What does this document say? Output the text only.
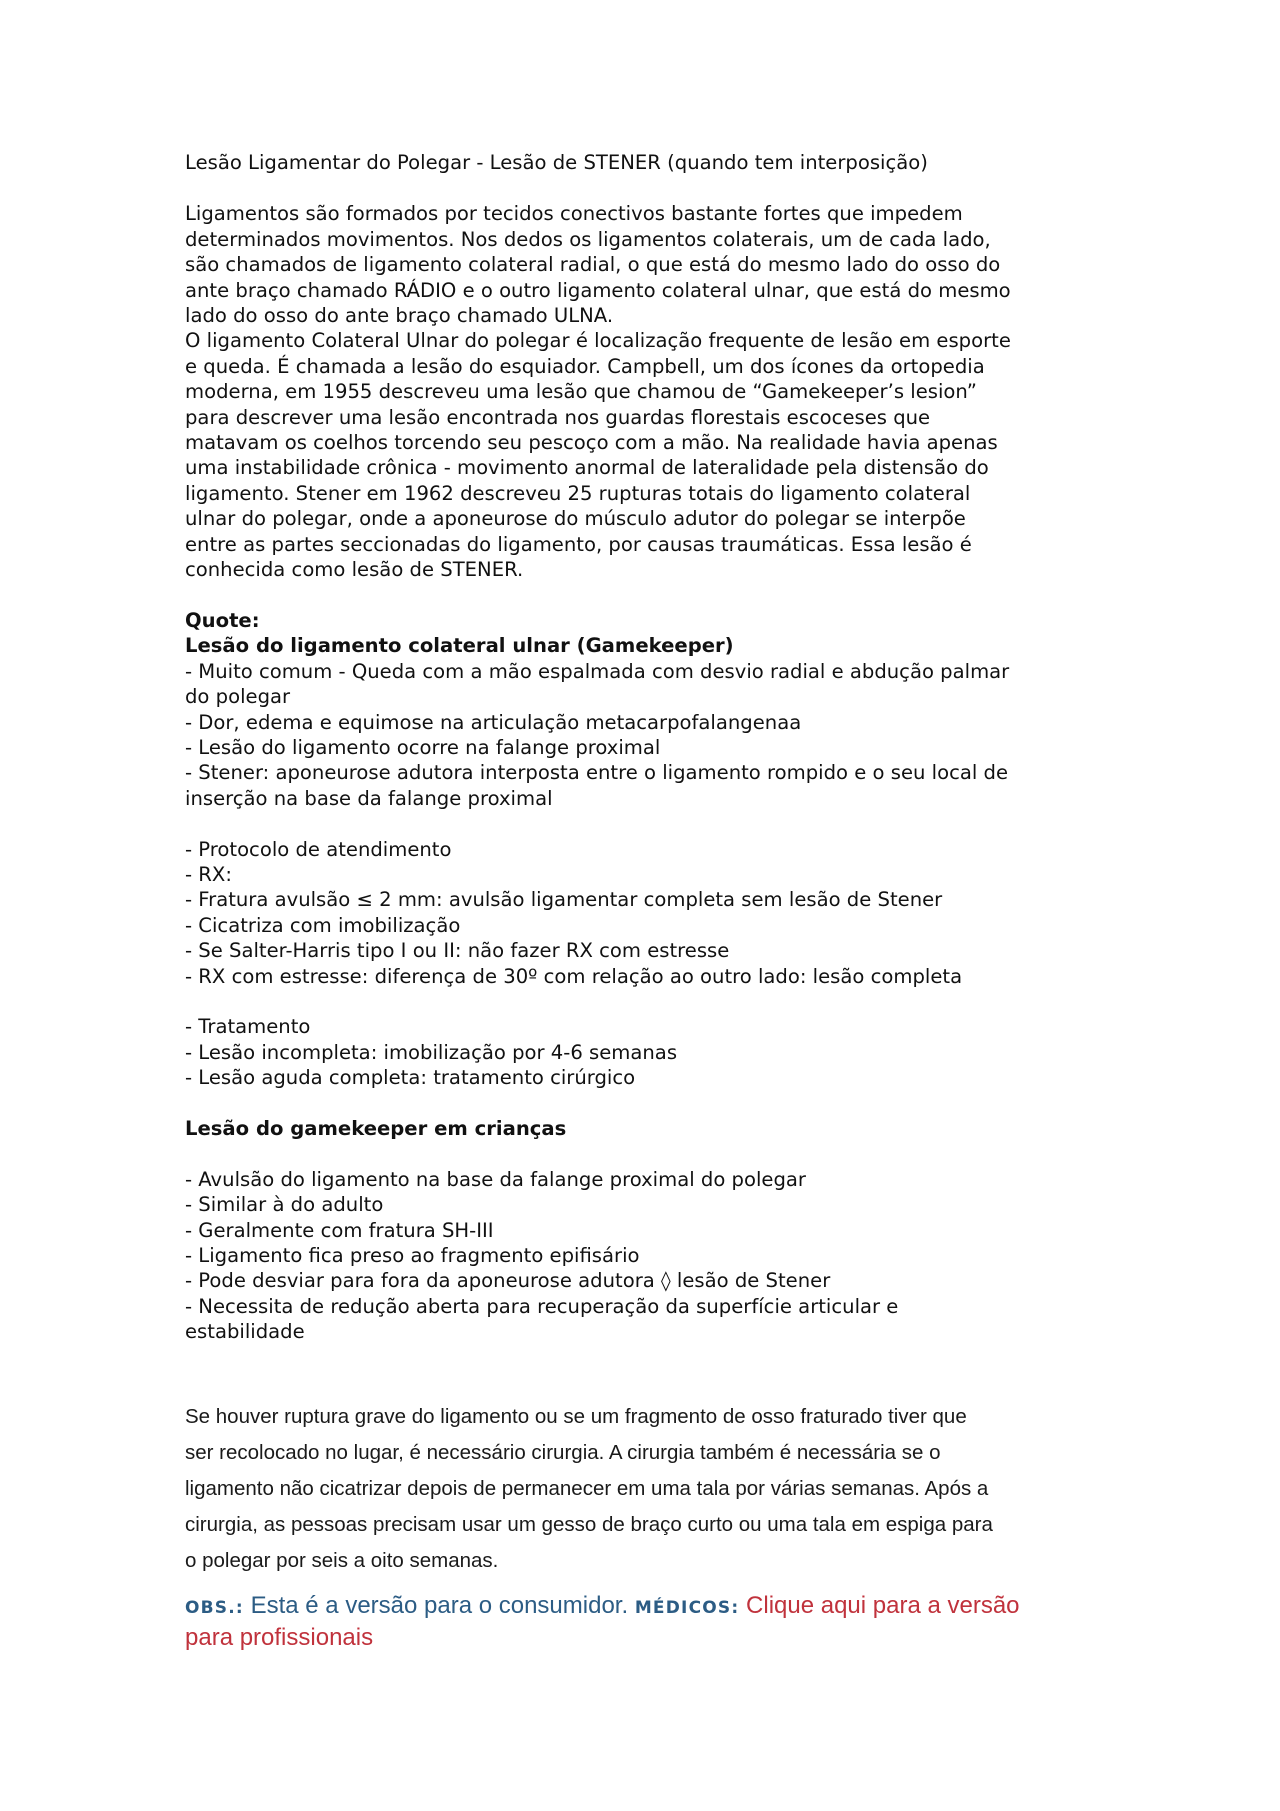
Lesão Ligamentar do Polegar - Lesão de STENER (quando tem interposição)

Ligamentos são formados por tecidos conectivos bastante fortes que impedem
determinados movimentos. Nos dedos os ligamentos colaterais, um de cada lado,
são chamados de ligamento colateral radial, o que está do mesmo lado do osso do
ante braço chamado RÁDIO e o outro ligamento colateral ulnar, que está do mesmo
lado do osso do ante braço chamado ULNA.
O ligamento Colateral Ulnar do polegar é localização frequente de lesão em esporte
e queda. É chamada a lesão do esquiador. Campbell, um dos ícones da ortopedia
moderna, em 1955 descreveu uma lesão que chamou de “Gamekeeper’s lesion”
para descrever uma lesão encontrada nos guardas florestais escoceses que
matavam os coelhos torcendo seu pescoço com a mão. Na realidade havia apenas
uma instabilidade crônica - movimento anormal de lateralidade pela distensão do
ligamento. Stener em 1962 descreveu 25 rupturas totais do ligamento colateral
ulnar do polegar, onde a aponeurose do músculo adutor do polegar se interpõe
entre as partes seccionadas do ligamento, por causas traumáticas. Essa lesão é
conhecida como lesão de STENER.
Quote:
Lesão do ligamento colateral ulnar (Gamekeeper)
- Muito comum - Queda com a mão espalmada com desvio radial e abdução palmar
do polegar
- Dor, edema e equimose na articulação metacarpofalangenaa
- Lesão do ligamento ocorre na falange proximal
- Stener: aponeurose adutora interposta entre o ligamento rompido e o seu local de
inserção na base da falange proximal
- Protocolo de atendimento
- RX:
- Fratura avulsão ≤ 2 mm: avulsão ligamentar completa sem lesão de Stener
- Cicatriza com imobilização
- Se Salter-Harris tipo I ou II: não fazer RX com estresse
- RX com estresse: diferença de 30º com relação ao outro lado: lesão completa
- Tratamento
- Lesão incompleta: imobilização por 4-6 semanas
- Lesão aguda completa: tratamento cirúrgico
Lesão do gamekeeper em crianças
- Avulsão do ligamento na base da falange proximal do polegar
- Similar à do adulto
- Geralmente com fratura SH-III
- Ligamento fica preso ao fragmento epifisário
- Pode desviar para fora da aponeurose adutora ◊ lesão de Stener
- Necessita de redução aberta para recuperação da superfície articular e
estabilidade
Se houver ruptura grave do ligamento ou se um fragmento de osso fraturado tiver que
ser recolocado no lugar, é necessário cirurgia. A cirurgia também é necessária se o
ligamento não cicatrizar depois de permanecer em uma tala por várias semanas. Após a
cirurgia, as pessoas precisam usar um gesso de braço curto ou uma tala em espiga para
o polegar por seis a oito semanas.
OBS.: Esta é a versão para o consumidor. MÉDICOS: Clique aqui para a versão
para profissionais
